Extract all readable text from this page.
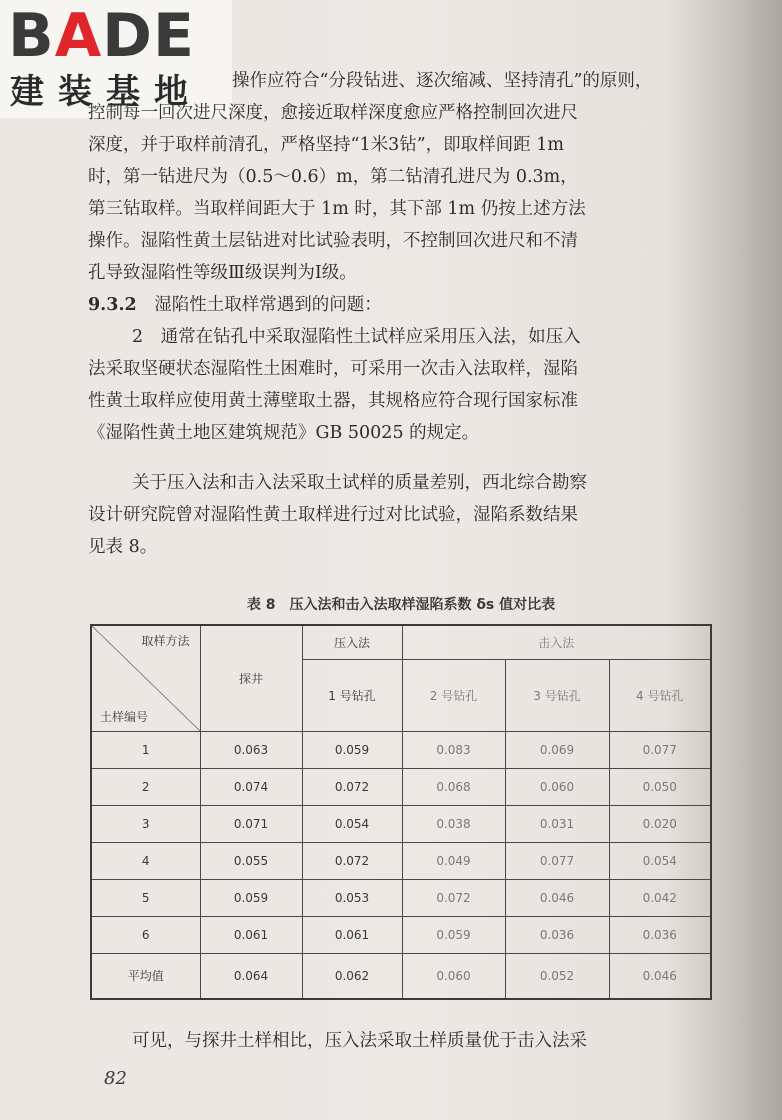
BADE
建装基地 操作应符合“分段钻进、逐次缩减、坚持清孔”的原则，
控制每一回次进尺深度，愈接近取样深度愈应严格控制回次进尺
深度，并于取样前清孔，严格坚持“1米3钻”，即取样间距 1m
时，第一钻进尺为（0.5～0.6）m，第二钻清孔进尺为 0.3m，
第三钻取样。当取样间距大于 1m 时，其下部 1m 仍按上述方法
操作。湿陷性黄土层钻进对比试验表明，不控制回次进尺和不清
孔导致湿陷性等级Ⅲ级误判为Ⅰ级。
9.3.2　 湿陷性土取样常遇到的问题：
2　通常在钻孔中采取湿陷性土试样应采用压入法，如压入
法采取坚硬状态湿陷性土困难时，可采用一次击入法取样，湿陷
性黄土取样应使用黄土薄壁取土器，其规格应符合现行国家标准
《湿陷性黄土地区建筑规范》GB 50025 的规定。
关于压入法和击入法采取土试样的质量差别，西北综合勘察
设计研究院曾对湿陷性黄土取样进行过对比试验，湿陷系数结果
见表 8。
表 8　压入法和击入法取样湿陷系数 δs 值对比表
取样方法
土样编号	探井	压入法	击入法		
		1 号钻孔	2 号钻孔	3 号钻孔	4 号钻孔
1	0.063	0.059	0.083	0.069	0.077
2	0.074	0.072	0.068	0.060	0.050
3	0.071	0.054	0.038	0.031	0.020
4	0.055	0.072	0.049	0.077	0.054
5	0.059	0.053	0.072	0.046	0.042
6	0.061	0.061	0.059	0.036	0.036
平均值	0.064	0.062	0.060	0.052	0.046
可见，与探井土样相比，压入法采取土样质量优于击入法采
82
